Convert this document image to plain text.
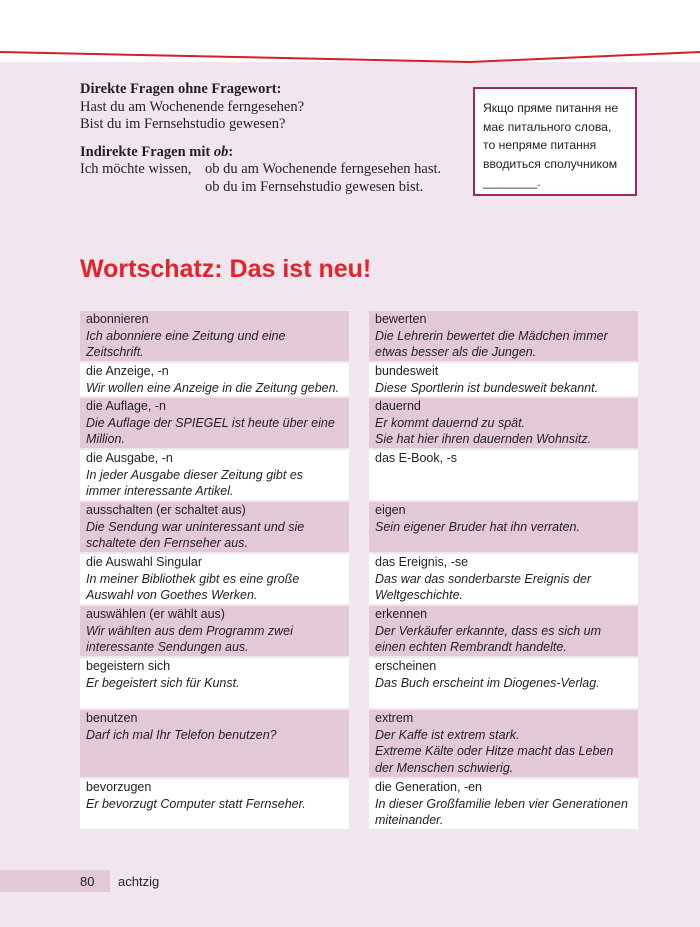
Direkte Fragen ohne Fragewort:
Hast du am Wochenende ferngesehen?
Bist du im Fernsehstudio gewesen?
Indirekte Fragen mit ob:
Ich möchte wissen, ob du am Wochenende ferngesehen hast.
ob du im Fernsehstudio gewesen bist.
Якщо пряме питання не
має питального слова,
то непряме питання
вводиться сполучником
________.
Wortschatz: Das ist neu!
abonnieren
Ich abonniere eine Zeitung und eine
Zeitschrift.
die Anzeige, -n
Wir wollen eine Anzeige in die Zeitung geben.
die Auflage, -n
Die Auflage der SPIEGEL ist heute über eine
Million.
die Ausgabe, -n
In jeder Ausgabe dieser Zeitung gibt es
immer interessante Artikel.
ausschalten (er schaltet aus)
Die Sendung war uninteressant und sie
schaltete den Fernseher aus.
die Auswahl Singular
In meiner Bibliothek gibt es eine große
Auswahl von Goethes Werken.
auswählen (er wählt aus)
Wir wählten aus dem Programm zwei
interessante Sendungen aus.
begeistern sich
Er begeistert sich für Kunst.
benutzen
Darf ich mal Ihr Telefon benutzen?
bevorzugen
Er bevorzugt Computer statt Fernseher.
bewerten
Die Lehrerin bewertet die Mädchen immer
etwas besser als die Jungen.
bundesweit
Diese Sportlerin ist bundesweit bekannt.
dauernd
Er kommt dauernd zu spät.
Sie hat hier ihren dauernden Wohnsitz.
das E-Book, -s
eigen
Sein eigener Bruder hat ihn verraten.
das Ereignis, -se
Das war das sonderbarste Ereignis der
Weltgeschichte.
erkennen
Der Verkäufer erkannte, dass es sich um
einen echten Rembrandt handelte.
erscheinen
Das Buch erscheint im Diogenes-Verlag.
extrem
Der Kaffe ist extrem stark.
Extreme Kälte oder Hitze macht das Leben
der Menschen schwierig.
die Generation, -en
In dieser Großfamilie leben vier Generationen
miteinander.
80 achtzig
